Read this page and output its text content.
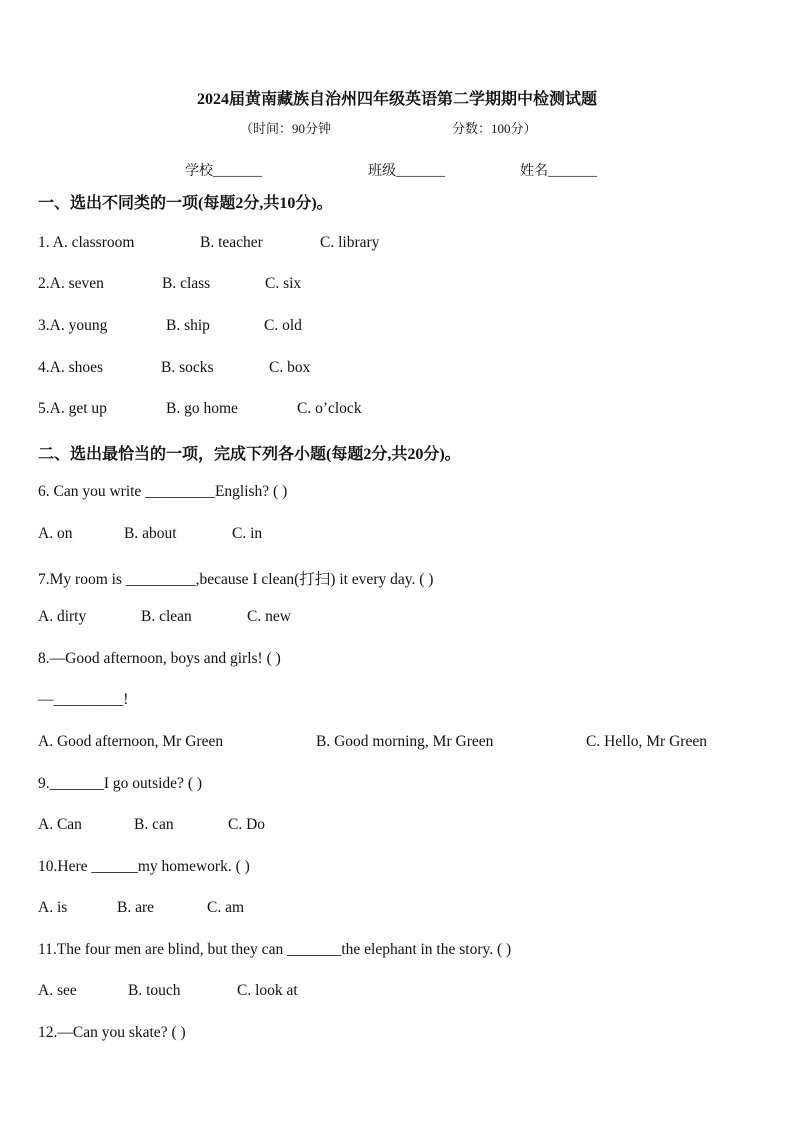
2024届黄南藏族自治州四年级英语第二学期期中检测试题
（时间：90分钟	分数：100分）
学校_______	班级_______	姓名_______
一、选出不同类的一项(每题2分,共10分)。
1. A. classroom	B. teacher	C. library
2.A. seven	B. class	C. six
3.A. young	B. ship	C. old
4.A. shoes	B. socks	C. box
5.A. get up	B. go home	C. o’clock
二、选出最恰当的一项，完成下列各小题(每题2分,共20分)。
6. Can you write _________English? ( )
A. on	B. about	C. in
7.My room is _________,because I clean(打扫) it every day. ( )
A. dirty	B. clean	C. new
8.—Good afternoon, boys and girls! ( )
—_________!
A. Good afternoon, Mr Green	B. Good morning, Mr Green	C. Hello, Mr Green
9._______I go outside? ( )
A. Can	B. can	C. Do
10.Here ______my homework. ( )
A. is	B. are	C. am
11.The four men are blind, but they can _______the elephant in the story. ( )
A. see	B. touch	C. look at
12.—Can you skate? ( )
